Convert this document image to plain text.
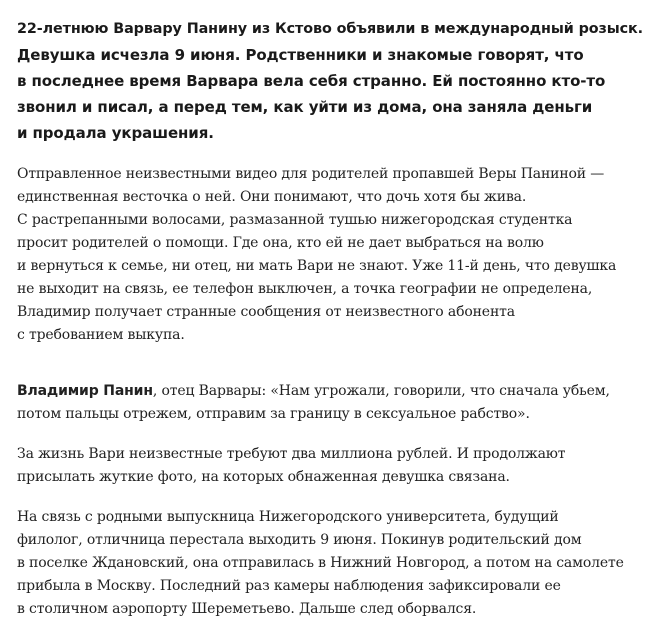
22-летнюю Варвару Панину из Кстово объявили в международный розыск.
Девушка исчезла 9 июня. Родственники и знакомые говорят, что
в последнее время Варвара вела себя странно. Ей постоянно кто-то
звонил и писал, а перед тем, как уйти из дома, она заняла деньги
и продала украшения.

Отправленное неизвестными видео для родителей пропавшей Веры Паниной —
единственная весточка о ней. Они понимают, что дочь хотя бы жива.
С растрепанными волосами, размазанной тушью нижегородская студентка
просит родителей о помощи. Где она, кто ей не дает выбраться на волю
и вернуться к семье, ни отец, ни мать Вари не знают. Уже 11-й день, что девушка
не выходит на связь, ее телефон выключен, а точка географии не определена,
Владимир получает странные сообщения от неизвестного абонента
с требованием выкупа.

Владимир Панин, отец Варвары: «Нам угрожали, говорили, что сначала убьем,
потом пальцы отрежем, отправим за границу в сексуальное рабство».

За жизнь Вари неизвестные требуют два миллиона рублей. И продолжают
присылать жуткие фото, на которых обнаженная девушка связана.

На связь с родными выпускница Нижегородского университета, будущий
филолог, отличница перестала выходить 9 июня. Покинув родительский дом
в поселке Ждановский, она отправилась в Нижний Новгород, а потом на самолете
прибыла в Москву. Последний раз камеры наблюдения зафиксировали ее
в столичном аэропорту Шереметьево. Дальше след оборвался.
